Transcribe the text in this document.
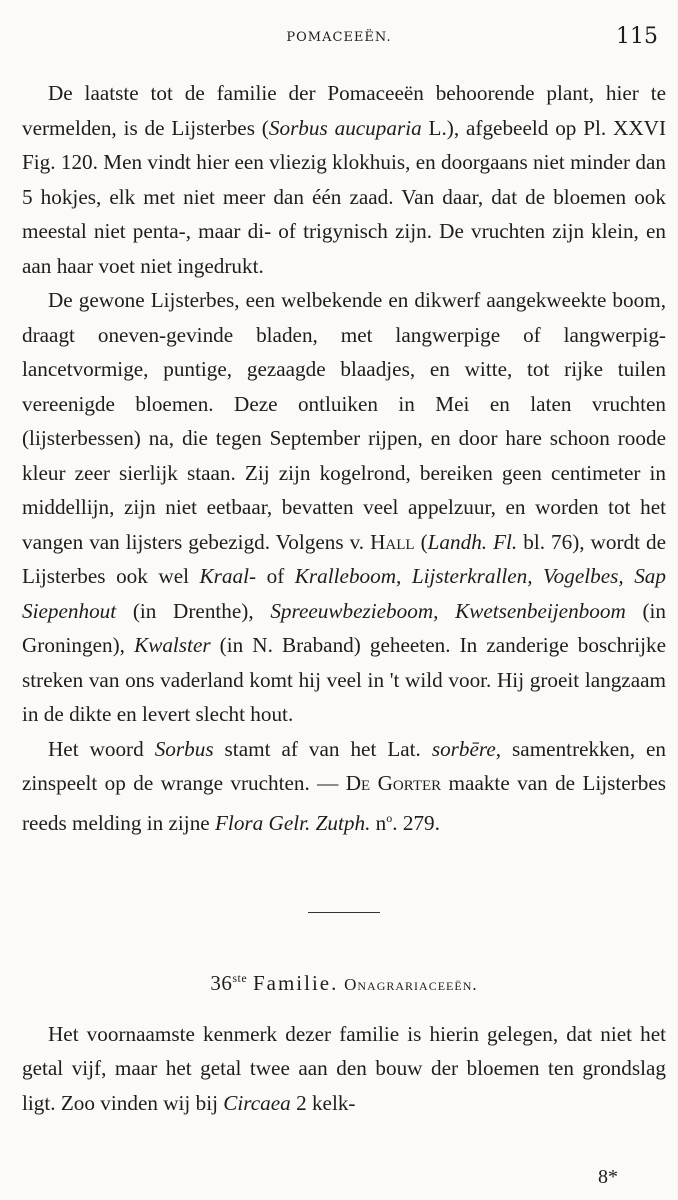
POMACEEËN.	115

De laatste tot de familie der Pomaceeën behoorende plant, hier te vermelden, is de Lijsterbes (Sorbus aucuparia L.), afgebeeld op Pl. XXVI Fig. 120. Men vindt hier een vliezig klokhuis, en doorgaans niet minder dan 5 hokjes, elk met niet meer dan één zaad. Van daar, dat de bloemen ook meestal niet penta-, maar di- of trigynisch zijn. De vruchten zijn klein, en aan haar voet niet ingedrukt.

De gewone Lijsterbes, een welbekende en dikwerf aangekweekte boom, draagt oneven-gevinde bladen, met langwerpige of langwerpig-lancetvormige, puntige, gezaagde blaadjes, en witte, tot rijke tuilen vereenigde bloemen. Deze ontluiken in Mei en laten vruchten (lijsterbessen) na, die tegen September rijpen, en door hare schoon roode kleur zeer sierlijk staan. Zij zijn kogelrond, bereiken geen centimeter in middellijn, zijn niet eetbaar, bevatten veel appelzuur, en worden tot het vangen van lijsters gebezigd. Volgens v. Hall (Landh. Fl. bl. 76), wordt de Lijsterbes ook wel Kraal- of Kralleboom, Lijsterkrallen, Vogelbes, Sap Siepenhout (in Drenthe), Spreeuwbezieboom, Kwetsenbeijenboom (in Groningen), Kwalster (in N. Braband) geheeten. In zanderige boschrijke streken van ons vaderland komt hij veel in 't wild voor. Hij groeit langzaam in de dikte en levert slecht hout.

Het woord Sorbus stamt af van het Lat. sorbēre, samentrekken, en zinspeelt op de wrange vruchten. — De Gorter maakte van de Lijsterbes reeds melding in zijne Flora Gelr. Zutph. $n^o$. 279.

36ste Familie. Onagrariaceeën.

Het voornaamste kenmerk dezer familie is hierin gelegen, dat niet het getal vijf, maar het getal twee aan den bouw der bloemen ten grondslag ligt. Zoo vinden wij bij Circaea 2 kelk-

8*
